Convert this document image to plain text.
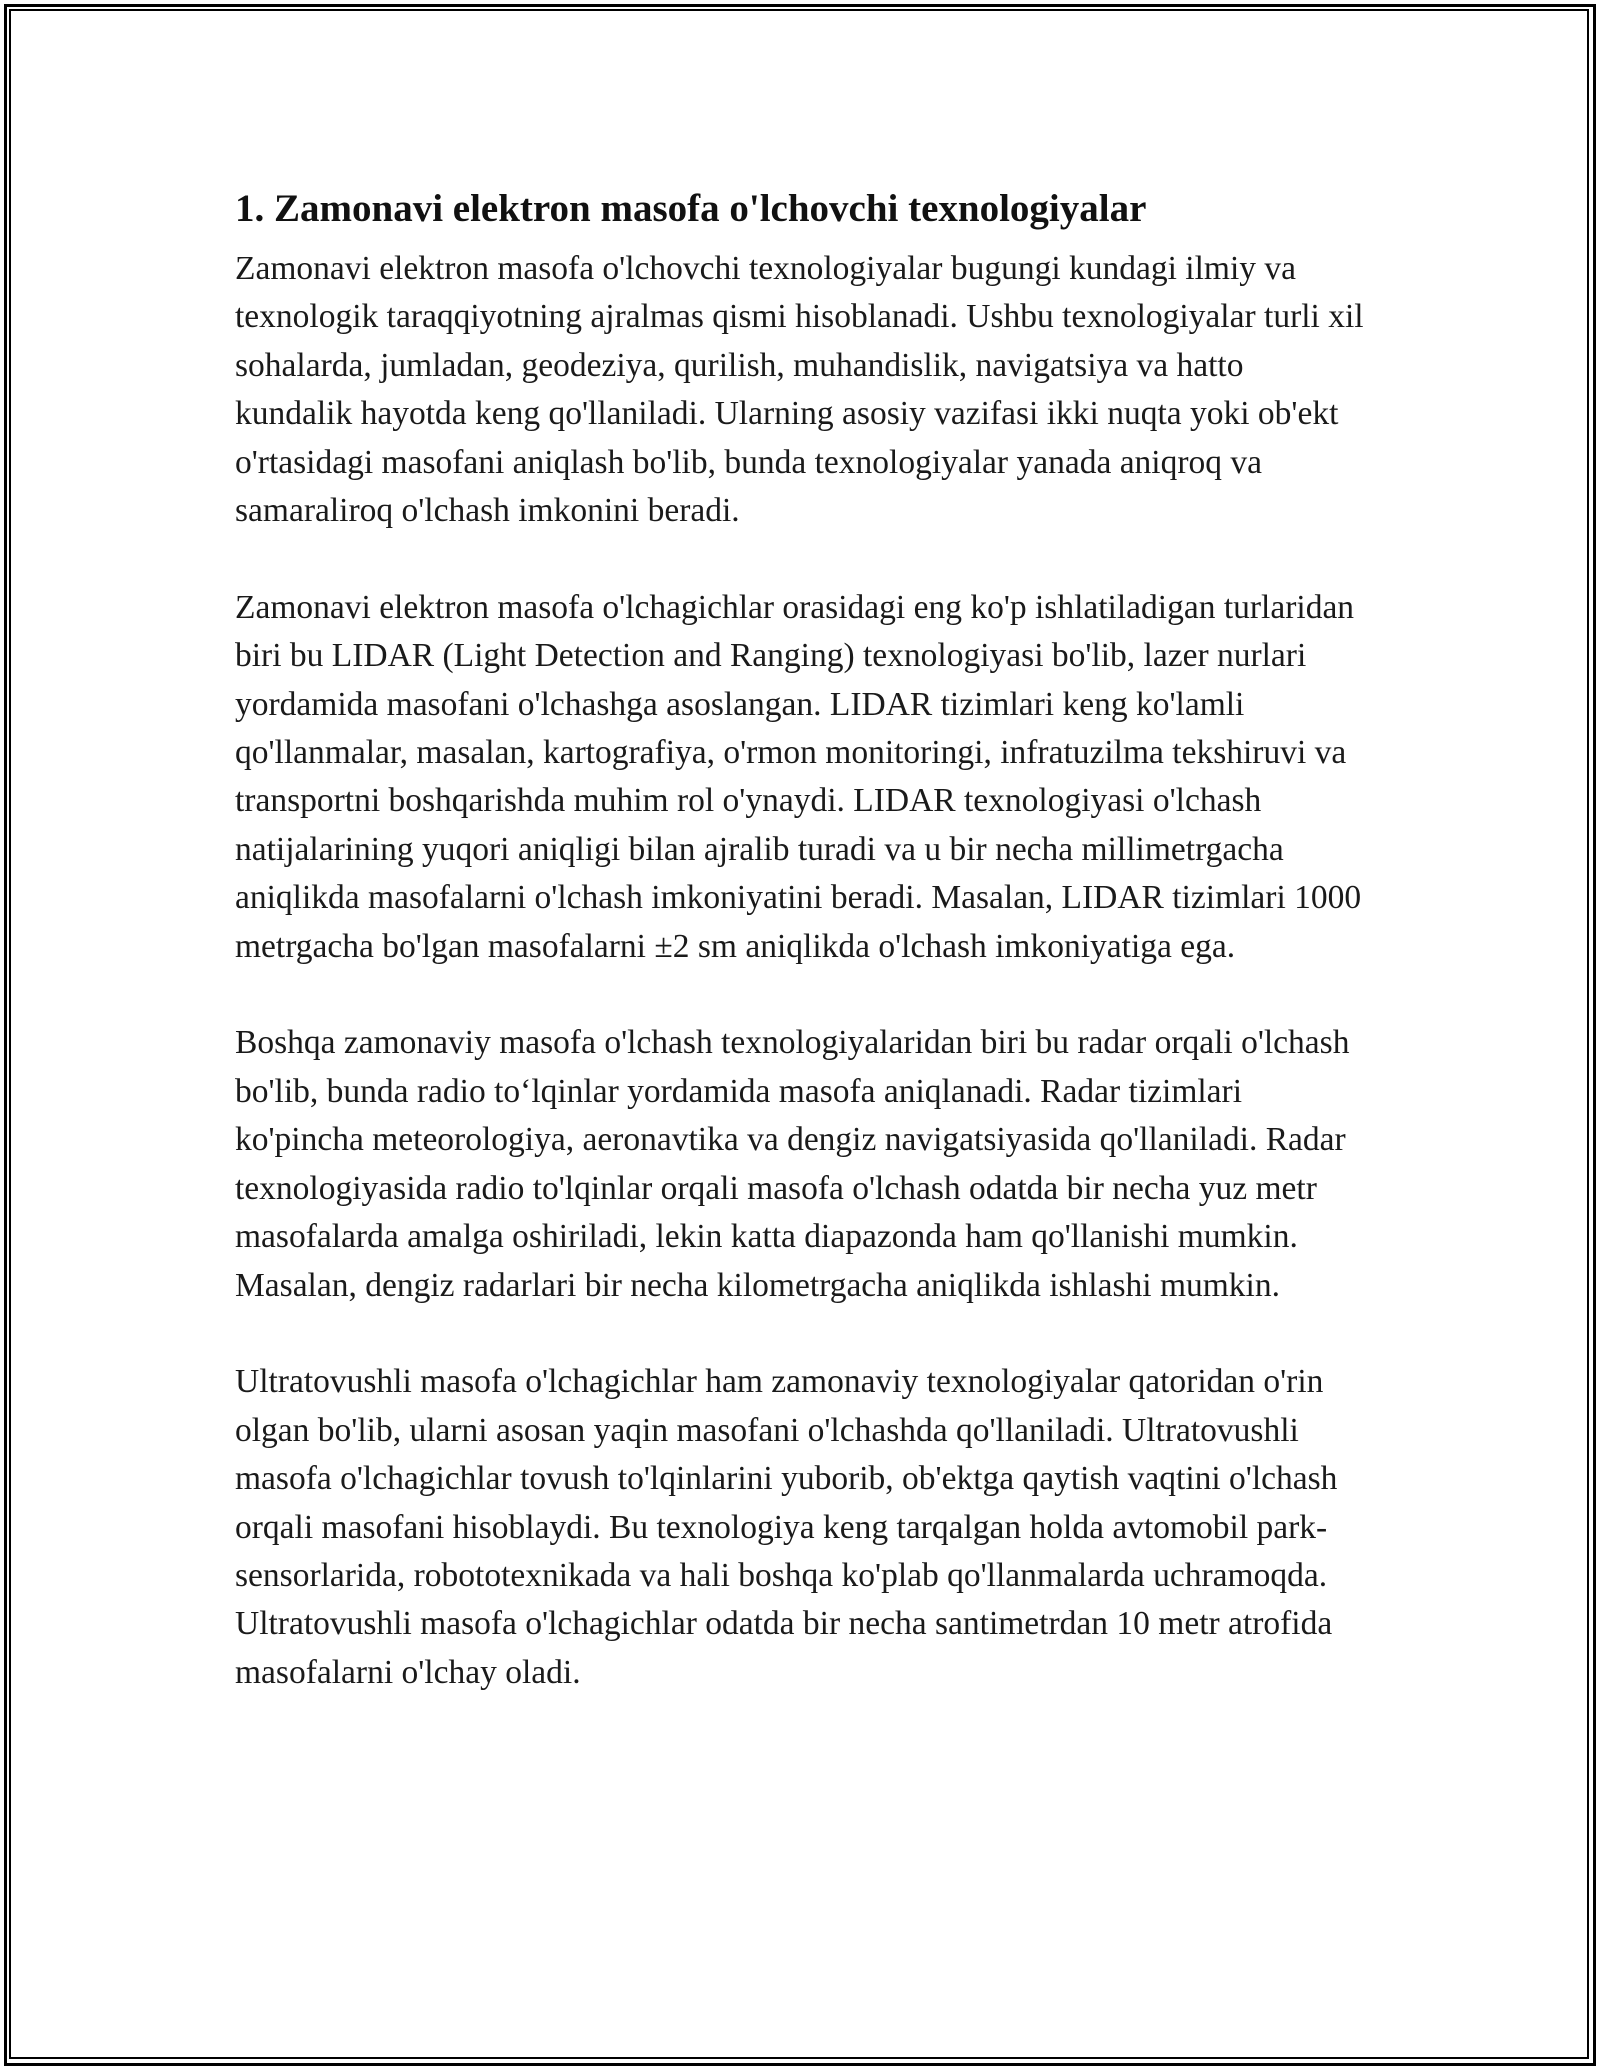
1. Zamonavi elektron masofa o'lchovchi texnologiyalar

Zamonavi elektron masofa o'lchovchi texnologiyalar bugungi kundagi ilmiy va texnologik taraqqiyotning ajralmas qismi hisoblanadi. Ushbu texnologiyalar turli xil sohalarda, jumladan, geodeziya, qurilish, muhandislik, navigatsiya va hatto kundalik hayotda keng qo'llaniladi. Ularning asosiy vazifasi ikki nuqta yoki ob'ekt o'rtasidagi masofani aniqlash bo'lib, bunda texnologiyalar yanada aniqroq va samaraliroq o'lchash imkonini beradi.

Zamonavi elektron masofa o'lchagichlar orasidagi eng ko'p ishlatiladigan turlaridan biri bu LIDAR (Light Detection and Ranging) texnologiyasi bo'lib, lazer nurlari yordamida masofani o'lchashga asoslangan. LIDAR tizimlari keng ko'lamli qo'llanmalar, masalan, kartografiya, o'rmon monitoringi, infratuzilma tekshiruvi va transportni boshqarishda muhim rol o'ynaydi. LIDAR texnologiyasi o'lchash natijalarining yuqori aniqligi bilan ajralib turadi va u bir necha millimetrgacha aniqlikda masofalarni o'lchash imkoniyatini beradi. Masalan, LIDAR tizimlari 1000 metrgacha bo'lgan masofalarni ±2 sm aniqlikda o'lchash imkoniyatiga ega.

Boshqa zamonaviy masofa o'lchash texnologiyalaridan biri bu radar orqali o'lchash bo'lib, bunda radio to‘lqinlar yordamida masofa aniqlanadi. Radar tizimlari ko'pincha meteorologiya, aeronavtika va dengiz navigatsiyasida qo'llaniladi. Radar texnologiyasida radio to'lqinlar orqali masofa o'lchash odatda bir necha yuz metr masofalarda amalga oshiriladi, lekin katta diapazonda ham qo'llanishi mumkin. Masalan, dengiz radarlari bir necha kilometrgacha aniqlikda ishlashi mumkin.

Ultratovushli masofa o'lchagichlar ham zamonaviy texnologiyalar qatoridan o'rin olgan bo'lib, ularni asosan yaqin masofani o'lchashda qo'llaniladi. Ultratovushli masofa o'lchagichlar tovush to'lqinlarini yuborib, ob'ektga qaytish vaqtini o'lchash orqali masofani hisoblaydi. Bu texnologiya keng tarqalgan holda avtomobil park-sensorlarida, robototexnikada va hali boshqa ko'plab qo'llanmalarda uchramoqda. Ultratovushli masofa o'lchagichlar odatda bir necha santimetrdan 10 metr atrofida masofalarni o'lchay oladi.
